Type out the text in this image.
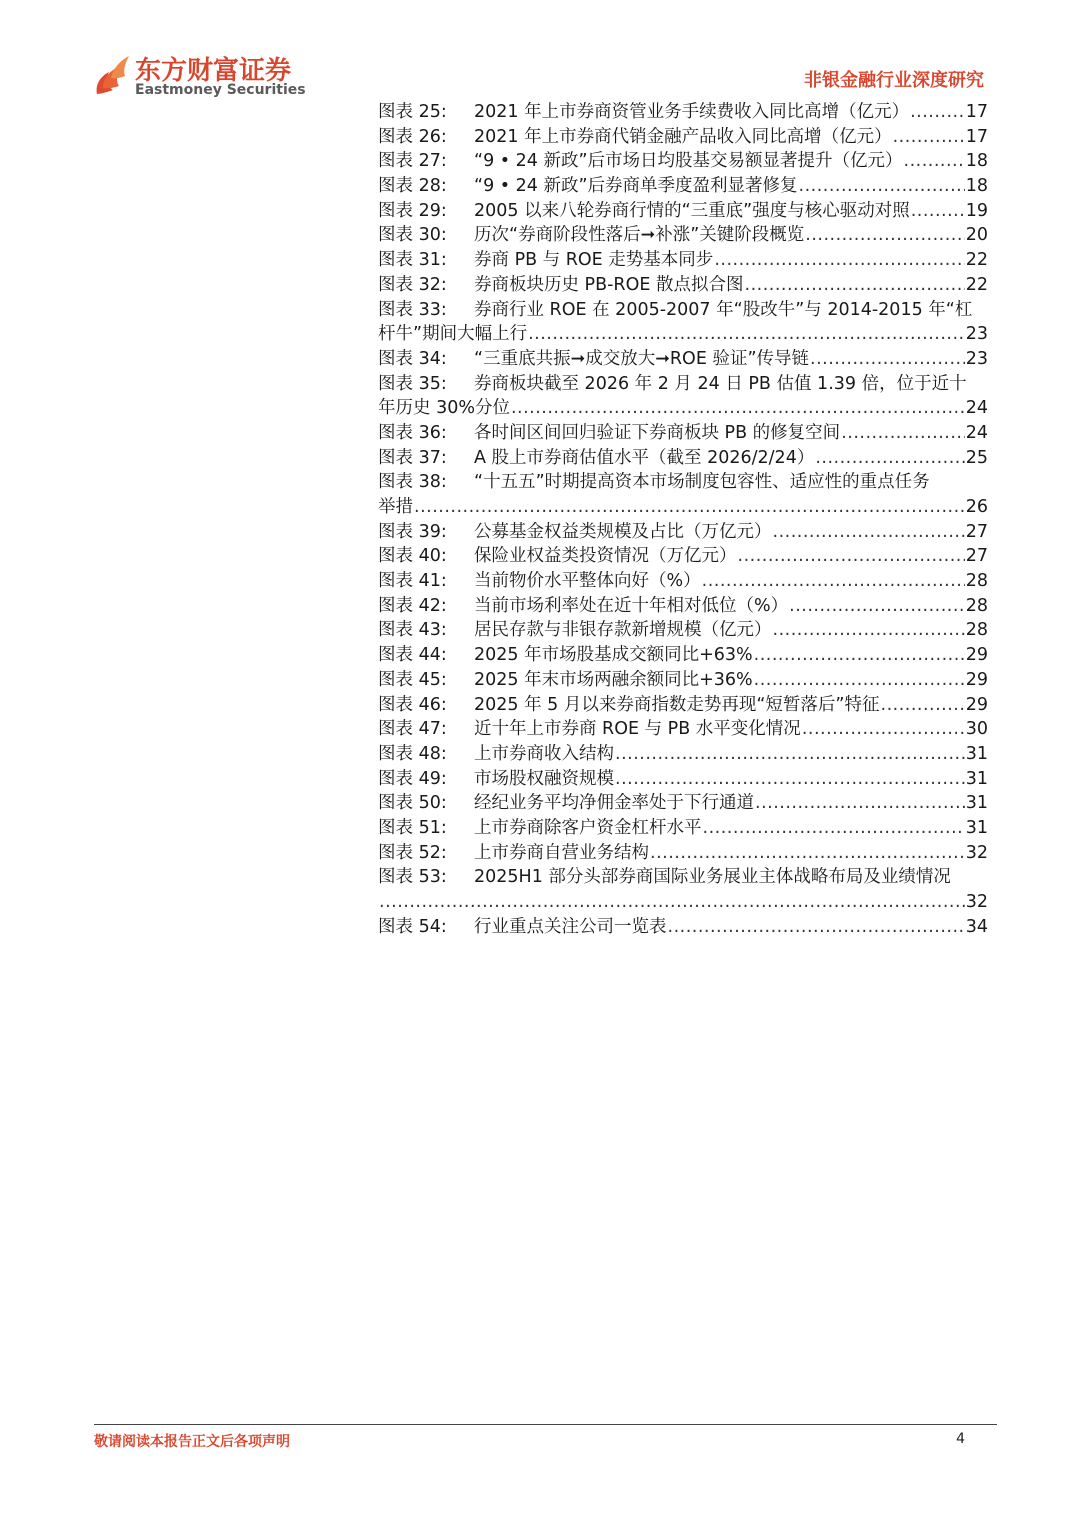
东方财富证券
Eastmoney Securities	非银金融行业深度研究
图表 25:	2021 年上市券商资管业务手续费收入同比高增（亿元） .....	17
图表 26:	2021 年上市券商代销金融产品收入同比高增（亿元） .....	17
图表 27:	“9 • 24 新政”后市场日均股基交易额显著提升（亿元） .....	18
图表 28:	“9 • 24 新政”后券商单季度盈利显著修复 .....	18
图表 29:	2005 以来八轮券商行情的“三重底”强度与核心驱动对照 .....	19
图表 30:	历次“券商阶段性落后➞补涨”关键阶段概览 .....	20
图表 31:	券商 PB 与 ROE 走势基本同步 .....	22
图表 32:	券商板块历史 PB-ROE 散点拟合图 .....	22
图表 33:	券商行业 ROE 在 2005-2007 年“股改牛”与 2014-2015 年“杠
杆牛”期间大幅上行 .....	23
图表 34:	“三重底共振➞成交放大➞ROE 验证”传导链 .....	23
图表 35:	券商板块截至 2026 年 2 月 24 日 PB 估值 1.39 倍，位于近十
年历史 30%分位 .....	24
图表 36:	各时间区间回归验证下券商板块 PB 的修复空间 .....	24
图表 37:	A 股上市券商估值水平（截至 2026/2/24） .....	25
图表 38:	“十五五”时期提高资本市场制度包容性、适应性的重点任务
举措 .....	26
图表 39:	公募基金权益类规模及占比（万亿元） .....	27
图表 40:	保险业权益类投资情况（万亿元） .....	27
图表 41:	当前物价水平整体向好（%） .....	28
图表 42:	当前市场利率处在近十年相对低位（%） .....	28
图表 43:	居民存款与非银存款新增规模（亿元） .....	28
图表 44:	2025 年市场股基成交额同比+63% .....	29
图表 45:	2025 年末市场两融余额同比+36% .....	29
图表 46:	2025 年 5 月以来券商指数走势再现“短暂落后”特征 .....	29
图表 47:	近十年上市券商 ROE 与 PB 水平变化情况 .....	30
图表 48:	上市券商收入结构 .....	31
图表 49:	市场股权融资规模 .....	31
图表 50:	经纪业务平均净佣金率处于下行通道 .....	31
图表 51:	上市券商除客户资金杠杆水平 .....	31
图表 52:	上市券商自营业务结构 .....	32
图表 53:	2025H1 部分头部券商国际业务展业主体战略布局及业绩情况
.....
32
图表 54:	行业重点关注公司一览表 .....	34
敬请阅读本报告正文后各项声明	4
